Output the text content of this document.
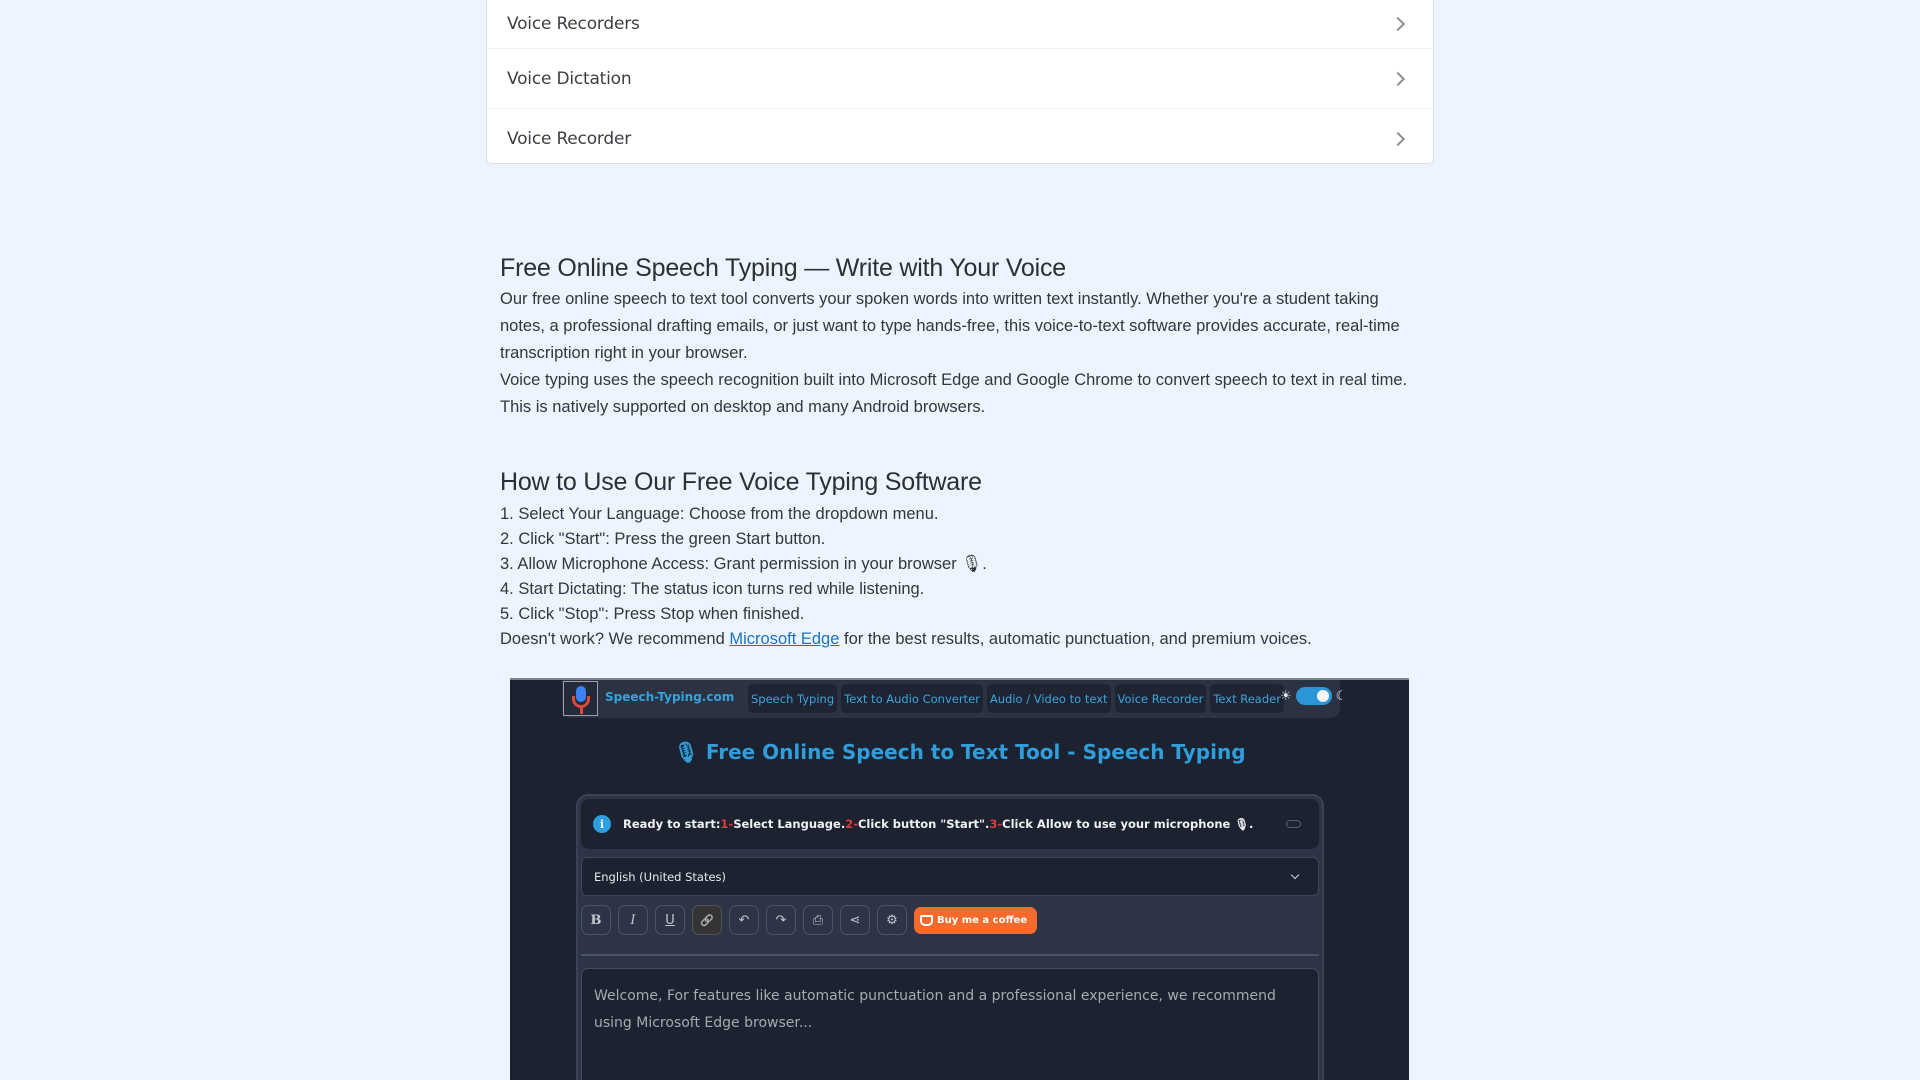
Voice Recorders
Voice Dictation
Voice Recorder
Free Online Speech Typing — Write with Your Voice

Our free online speech to text tool converts your spoken words into written text instantly. Whether you're a student taking notes, a professional drafting emails, or just want to type hands-free, this voice-to-text software provides accurate, real-time transcription right in your browser.

Voice typing uses the speech recognition built into Microsoft Edge and Google Chrome to convert speech to text in real time. This is natively supported on desktop and many Android browsers.

How to Use Our Free Voice Typing Software

1. Select Your Language: Choose from the dropdown menu.

2. Click "Start": Press the green Start button.

3. Allow Microphone Access: Grant permission in your browser 🎙.

4. Start Dictating: The status icon turns red while listening.

5. Click "Stop": Press Stop when finished.

Doesn't work? We recommend Microsoft Edge for the best results, automatic punctuation, and premium voices.

Speech-Typing.com Speech Typing Text to Audio Converter Audio / Video to text Voice Recorder Text Reader ☀	☾
🎙 Free Online Speech to Text Tool - Speech Typing
i	Ready to start: 1- Select Language. 2- Click button "Start". 3- Click Allow to use your microphone 🎙.
English (United States)
B	I	U	🔗	↶	↷	⎙	⋖	⚙	Buy me a coffee
Welcome, For features like automatic punctuation and a professional experience, we recommend using Microsoft Edge browser...
